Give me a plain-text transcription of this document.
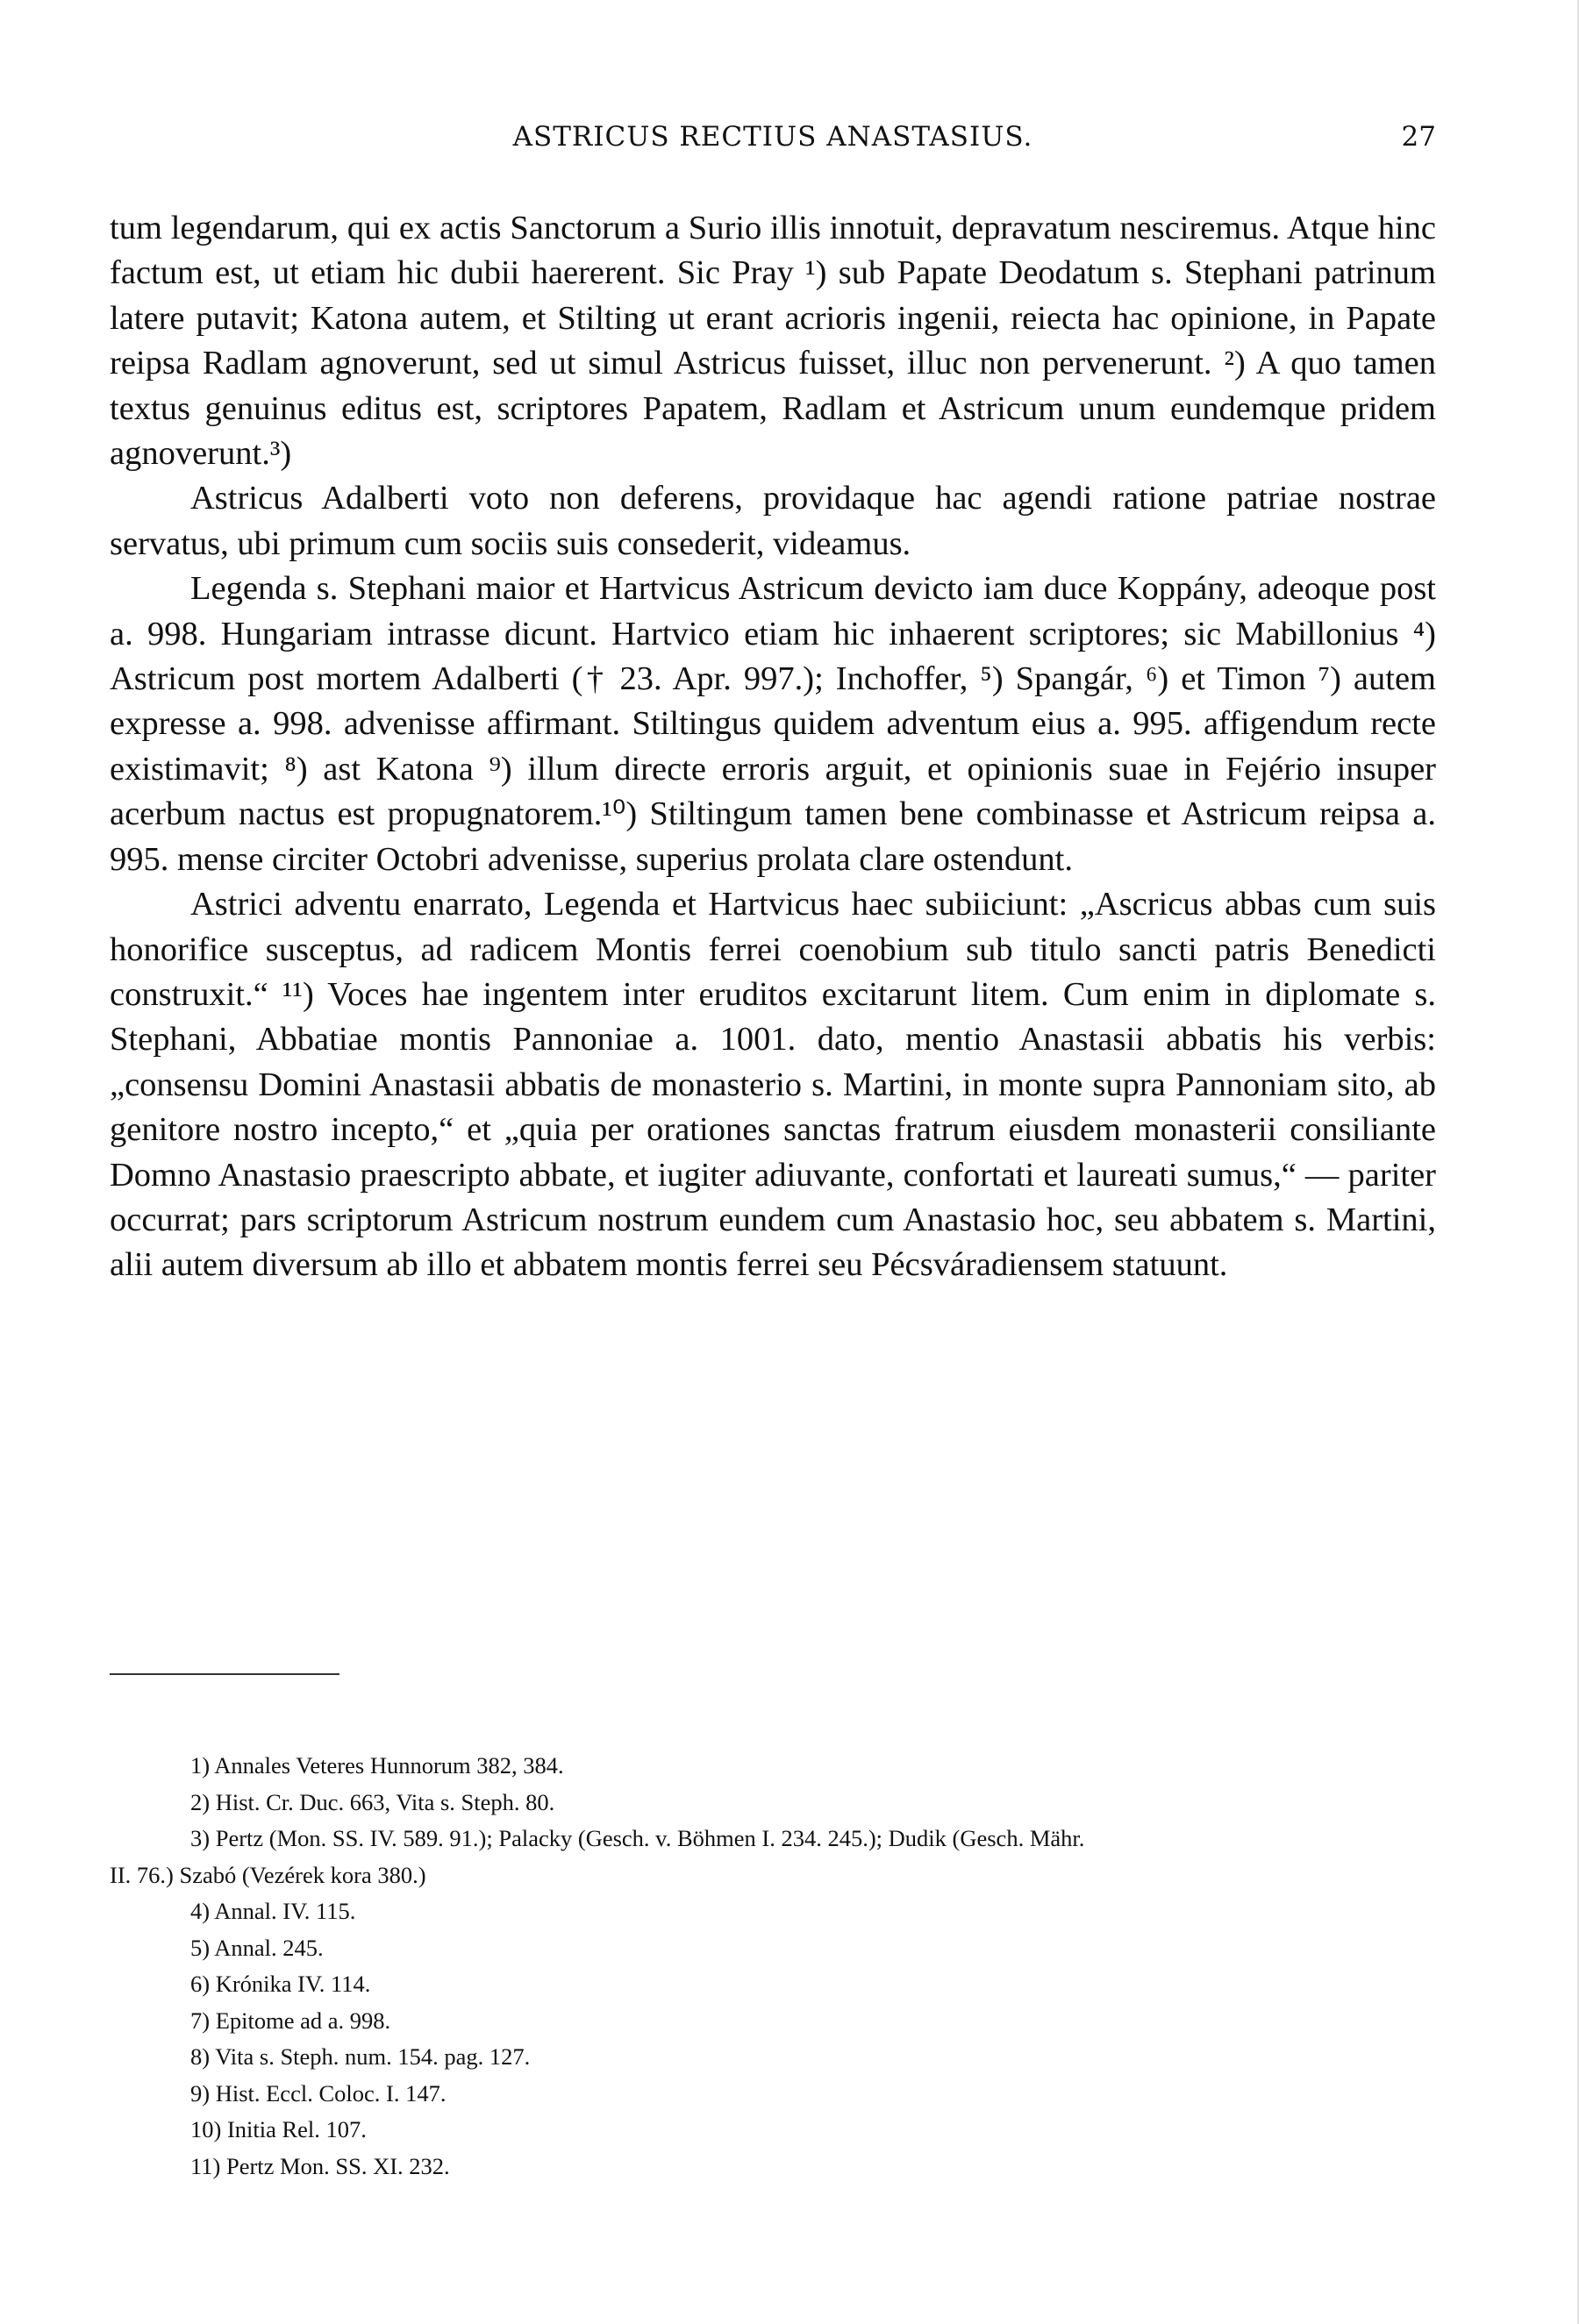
ASTRICUS RECTIUS ANASTASIUS.	27

tum legendarum, qui ex actis Sanctorum a Surio illis innotuit, depravatum nesciremus. Atque hinc factum est, ut etiam hic dubii haererent. Sic Pray ¹) sub Papate Deodatum s. Stephani patrinum latere putavit; Katona autem, et Stilting ut erant acrioris ingenii, reiecta hac opinione, in Papate reipsa Radlam agnoverunt, sed ut simul Astricus fuisset, illuc non pervenerunt. ²) A quo tamen textus genuinus editus est, scriptores Papatem, Radlam et Astricum unum eundemque pridem agnoverunt.³)

Astricus Adalberti voto non deferens, providaque hac agendi ratione patriae nostrae servatus, ubi primum cum sociis suis consederit, videamus.

Legenda s. Stephani maior et Hartvicus Astricum devicto iam duce Koppány, adeoque post a. 998. Hungariam intrasse dicunt. Hartvico etiam hic inhaerent scriptores; sic Mabillonius ⁴) Astricum post mortem Adalberti († 23. Apr. 997.); Inchoffer, ⁵) Spangár, ⁶) et Timon ⁷) autem expresse a. 998. advenisse affirmant. Stiltingus quidem adventum eius a. 995. affigendum recte existimavit; ⁸) ast Katona ⁹) illum directe erroris arguit, et opinionis suae in Fejério insuper acerbum nactus est propugnatorem.¹⁰) Stiltingum tamen bene combinasse et Astricum reipsa a. 995. mense circiter Octobri advenisse, superius prolata clare ostendunt.

Astrici adventu enarrato, Legenda et Hartvicus haec subiiciunt: „Ascricus abbas cum suis honorifice susceptus, ad radicem Montis ferrei coenobium sub titulo sancti patris Benedicti construxit.“ ¹¹) Voces hae ingentem inter eruditos excitarunt litem. Cum enim in diplomate s. Stephani, Abbatiae montis Pannoniae a. 1001. dato, mentio Anastasii abbatis his verbis: „consensu Domini Anastasii abbatis de monasterio s. Martini, in monte supra Pannoniam sito, ab genitore nostro incepto,“ et „quia per orationes sanctas fratrum eiusdem monasterii consiliante Domno Anastasio praescripto abbate, et iugiter adiuvante, confortati et laureati sumus,“ — pariter occurrat; pars scriptorum Astricum nostrum eundem cum Anastasio hoc, seu abbatem s. Martini, alii autem diversum ab illo et abbatem montis ferrei seu Pécsváradiensem statuunt.

1) Annales Veteres Hunnorum 382, 384.
2) Hist. Cr. Duc. 663, Vita s. Steph. 80.
3) Pertz (Mon. SS. IV. 589. 91.); Palacky (Gesch. v. Böhmen I. 234. 245.); Dudik (Gesch. Mähr.
II. 76.) Szabó (Vezérek kora 380.)
4) Annal. IV. 115.
5) Annal. 245.
6) Krónika IV. 114.
7) Epitome ad a. 998.
8) Vita s. Steph. num. 154. pag. 127.
9) Hist. Eccl. Coloc. I. 147.
10) Initia Rel. 107.
11) Pertz Mon. SS. XI. 232.
